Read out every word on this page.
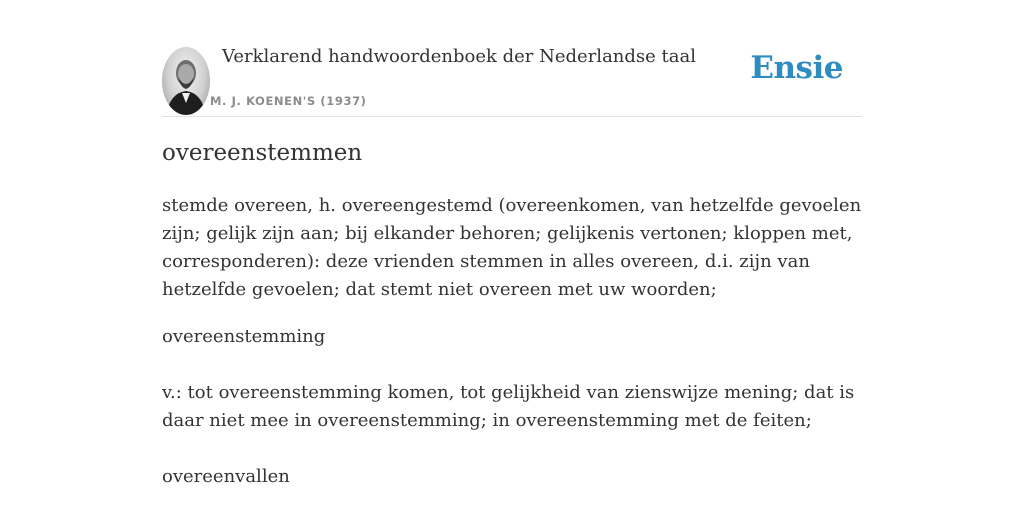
Verklarend handwoordenboek der Nederlandse taal
M. J. KOENEN'S (1937)
Ensie
overeenstemmen

stemde overeen, h. overeengestemd (overeenkomen, van hetzelfde gevoelen zijn; gelijk zijn aan; bij elkander behoren; gelijkenis vertonen; kloppen met, corresponderen): deze vrienden stemmen in alles overeen, d.i. zijn van hetzelfde gevoelen; dat stemt niet overeen met uw woorden;

overeenstemming

v.: tot overeenstemming komen, tot gelijkheid van zienswijze mening; dat is daar niet mee in overeenstemming; in overeenstemming met de feiten;

overeenvallen
